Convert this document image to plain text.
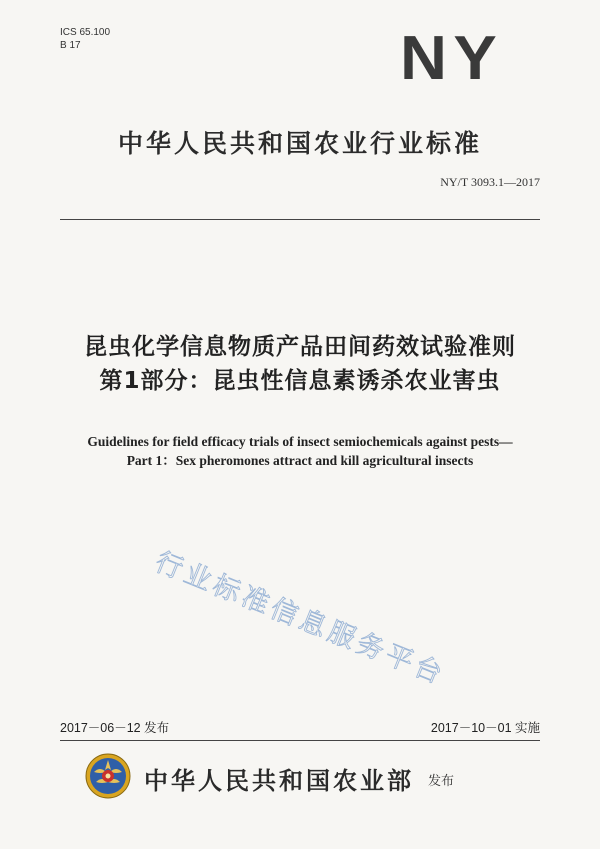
ICS 65.100
B 17	NY
中华人民共和国农业行业标准
NY/T 3093.1—2017
昆虫化学信息物质产品田间药效试验准则
第1部分：昆虫性信息素诱杀农业害虫
Guidelines for field efficacy trials of insect semiochemicals against pests—
Part 1：Sex pheromones attract and kill agricultural insects
行业标准信息服务平台
2017－06－12 发布	2017－10－01 实施
中华人民共和国农业部 发布
